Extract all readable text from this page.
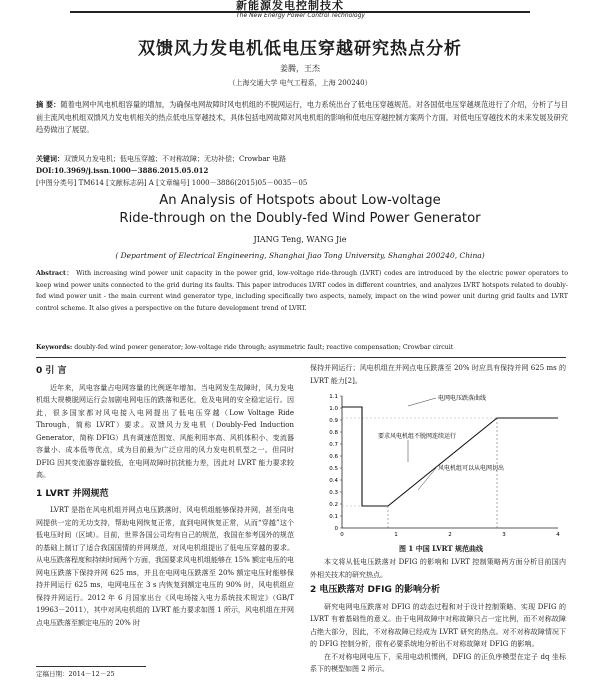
新能源发电控制技术
The New Energy Power Control Technology
双馈风力发电机低电压穿越研究热点分析
姜腾，王杰
（上海交通大学 电气工程系，上海 200240）
摘 要：随着电网中风电机组容量的增加，为确保电网故障时风电机组的不脱网运行，电力系统出台了低电压穿越规范。对各国低电压穿越规范进行了介绍，分析了与目前主流风电机组双馈风力发电机相关的热点低电压穿越技术，具体包括电网故障对风电机组的影响和低电压穿越控制方案两个方面。对低电压穿越技术的未来发展及研究趋势做出了展望。
关键词：双馈风力发电机；低电压穿越；不对称故障；无功补偿；Crowbar 电路
DOI:10.3969/j.issn.1000－3886.2015.05.012
[中图分类号] TM614 [文献标志码] A [文章编号] 1000－3886(2015)05－0035－05
An Analysis of Hotspots about Low-voltage
Ride-through on the Doubly-fed Wind Power Generator
JIANG Teng, WANG Jie
( Department of Electrical Engineering, Shanghai Jiao Tong University, Shanghai 200240, China)
Abstract： With increasing wind power unit capacity in the power grid, low-voltage ride-through (LVRT) codes are introduced by the electric power operators to keep wind power units connected to the grid during its faults. This paper introduces LVRT codes in different countries, and analyzes LVRT hotspots related to doubly-fed wind power unit - the main current wind generator type, including specifically two aspects, namely, impact on the wind power unit during grid faults and LVRT control scheme. It also gives a perspective on the future development trend of LVRT.
Keywords: doubly-fed wind power generator; low-voltage ride through; asymmetric fault; reactive compensation; Crowbar circuit
0 引 言

近年来，风电容量占电网容量的比例逐年增加。当电网发生故障时，风力发电机组大规模脱网运行会加剧电网电压的跌落和恶化，危及电网的安全稳定运行。因此，很多国家都对风电接入电网提出了低电压穿越（Low Voltage Ride Through，简称 LVRT）要求。双馈风力发电机（Doubly-Fed Induction Generator，简称 DFIG）具有调速范围宽、风能利用率高、风机体积小、变流器容量小、成本低等优点，成为目前最为广泛应用的风力发电机机型之一。但同时 DFIG 因其变流器容量较低，在电网故障时抗扰能力差，因此对 LVRT 能力要求较高。

1 LVRT 并网规范

LVRT 是指在风电机组并网点电压跌落时，风电机组能够保持并网，甚至向电网提供一定的无功支持，帮助电网恢复正常，直到电网恢复正常，从而“穿越”这个低电压时间（区域）。目前，世界各国公司均有自己的规范，我国在参考国外的规范的基础上制订了适合我国国情的并网规范，对风电机组提出了低电压穿越的要求。从电压跌落程度和持续时间两个方面，我国要求风电机组能够在 15% 额定电压的电网电压跌落下保持并网 625 ms，并且在电网电压跌落至 20% 额定电压时能够保持并网运行 625 ms，电网电压在 3 s 内恢复到额定电压的 90% 时，风电机组应保持并网运行。2012 年 6 月国家出台《风电场接入电力系统技术规定》（GB/T 19963－2011），其中对风电机组的 LVRT 能力要求如图 1 所示，风电机组在并网点电压跌落至额定电压的 20% 时

保持并网运行；风电机组在并网点电压跌落至 20% 时应具有保持并网 625 ms 的 LVRT 能力[2]。
1.1
1.0
0.9
0.8
0.7
0.6
0.5
0.4
0.3
0.2
0.1
0
0	1	2	3	4
电网电压跌落曲线
风电机组可以从电网切出
要求风电机组不脱网连续运行
图 1 中国 LVRT 规范曲线

本文将从低电压跌落对 DFIG 的影响和 LVRT 控制策略两方面分析目前国内外相关技术的研究热点。

2 电压跌落对 DFIG 的影响分析

研究电网电压跌落对 DFIG 的动态过程和对于设计控制策略、实现 DFIG 的 LVRT 有着基础性的意义。由于电网故障中对称故障只占一定比例，而不对称故障占绝大部分，因此，不对称故障已经成为 LVRT 研究的热点。对不对称故障情况下的 DFIG 控制分析，很有必要系统地分析出不对称故障对 DFIG 的影响。

在不对称电网电压下，采用电动机惯例，DFIG 的正负序模型在定子 dq 坐标系下的模型如图 2 所示。

定稿日期：2014－12－25
